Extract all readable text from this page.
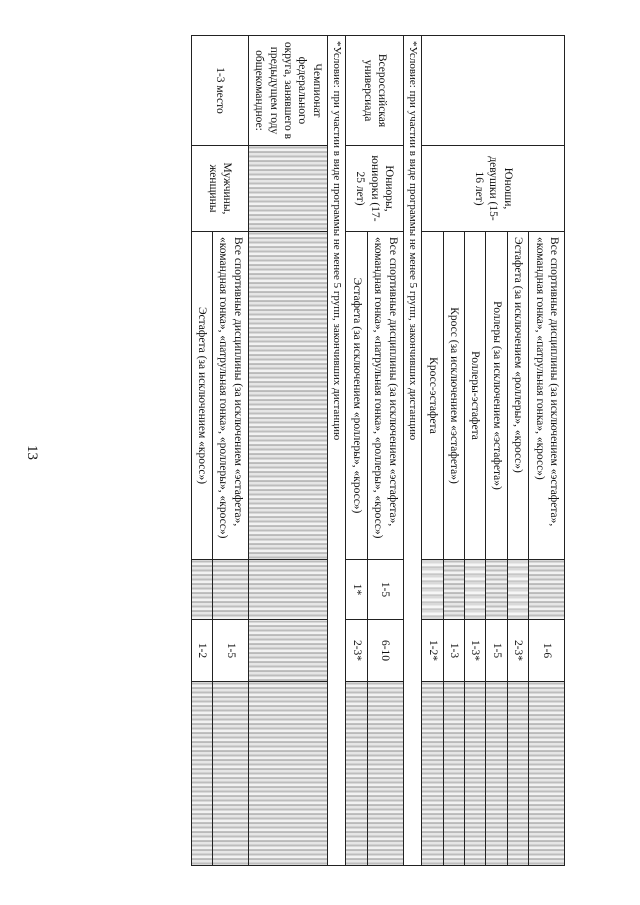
13
	Юноши, девушки (15-16 лет)	Все спортивные дисциплины (за исключением «эстафета», «командная гонка», «патрульная гонка», «кросс»)		1-6	
		Эстафета (за исключением «роллеры», «кросс»)		2-3*	
		Роллеры (за исключением «эстафета»)		1-5	
		Роллеры-эстафета		1-3*	
		Кросс (за исключением «эстафета»)		1-3	
		Кросс-эстафета		1-2*	
*Условие: при участии в виде программы не менее 5 групп, закончивших дистанцию					
Всероссийская универсиада	Юниоры, юниорки (17-25 лет)	Все спортивные дисциплины (за исключением «эстафета», «командная гонка», «патрульная гонка», «роллеры», «кросс»)	1-5	6-10	
		Эстафета (за исключением «роллеры», «кросс»)	1*	2-3*	
*Условие: при участии в виде программы не менее 5 групп, закончивших дистанцию					
Чемпионат федерального округа, занявшего в предыдущем году общекомандное:					
1-3 место	Мужчины, женщины	Все спортивные дисциплины (за исключением «эстафета», «командная гонка», «патрульная гонка», «роллеры», «кросс»)		1-5	
		Эстафета (за исключением «кросс»)		1-2	
